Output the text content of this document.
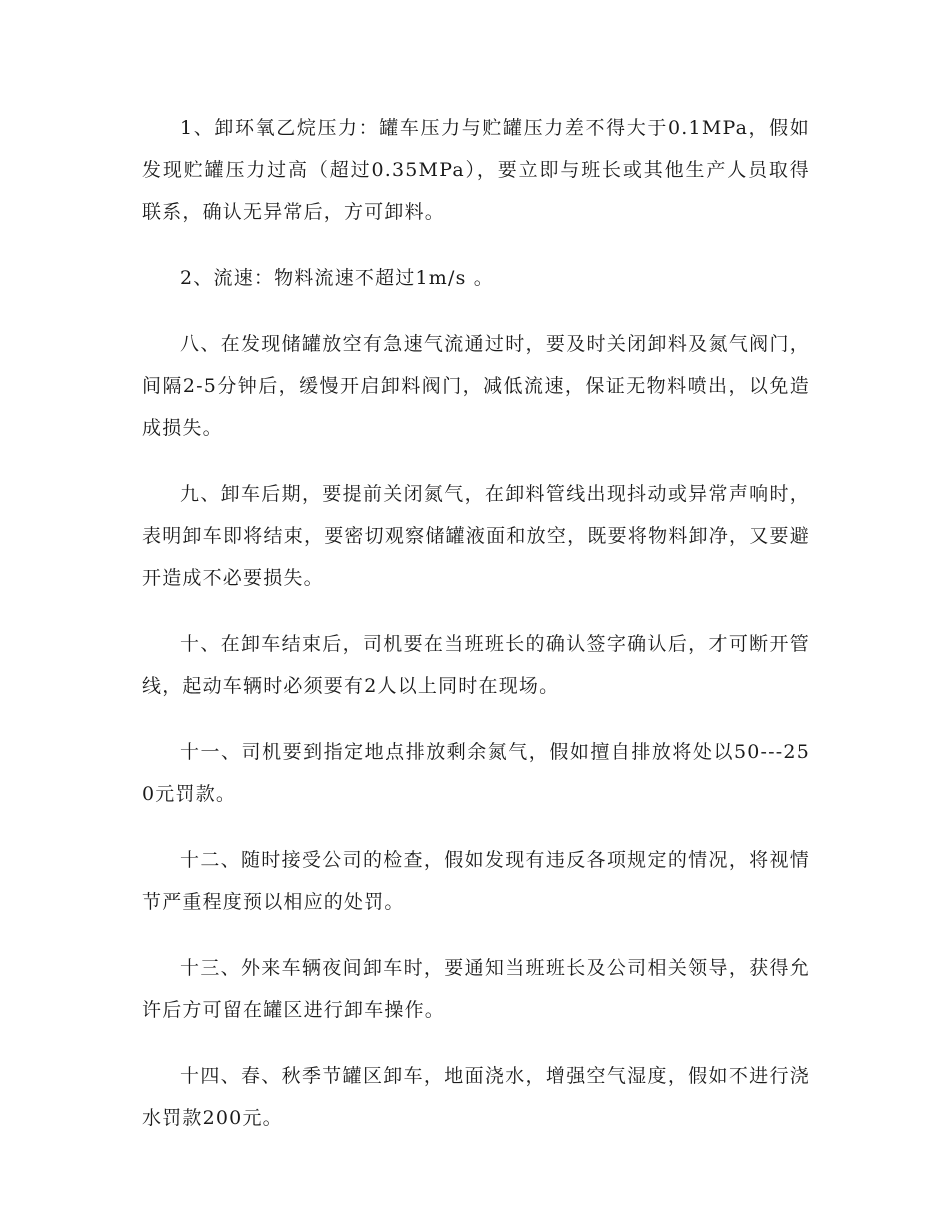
1、卸环氧乙烷压力：罐车压力与贮罐压力差不得大于0.1MPa，假如发现贮罐压力过高（超过0.35MPa），要立即与班长或其他生产人员取得联系，确认无异常后，方可卸料。

2、流速：物料流速不超过1m/s 。

八、在发现储罐放空有急速气流通过时，要及时关闭卸料及氮气阀门，间隔2-5分钟后，缓慢开启卸料阀门，减低流速，保证无物料喷出，以免造成损失。

九、卸车后期，要提前关闭氮气，在卸料管线出现抖动或异常声响时，表明卸车即将结束，要密切观察储罐液面和放空，既要将物料卸净，又要避开造成不必要损失。

十、在卸车结束后，司机要在当班班长的确认签字确认后，才可断开管线，起动车辆时必须要有2人以上同时在现场。

十一、司机要到指定地点排放剩余氮气，假如擅自排放将处以50---250元罚款。

十二、随时接受公司的检查，假如发现有违反各项规定的情况，将视情节严重程度预以相应的处罚。

十三、外来车辆夜间卸车时，要通知当班班长及公司相关领导，获得允许后方可留在罐区进行卸车操作。

十四、春、秋季节罐区卸车，地面浇水，增强空气湿度，假如不进行浇水罚款200元。
